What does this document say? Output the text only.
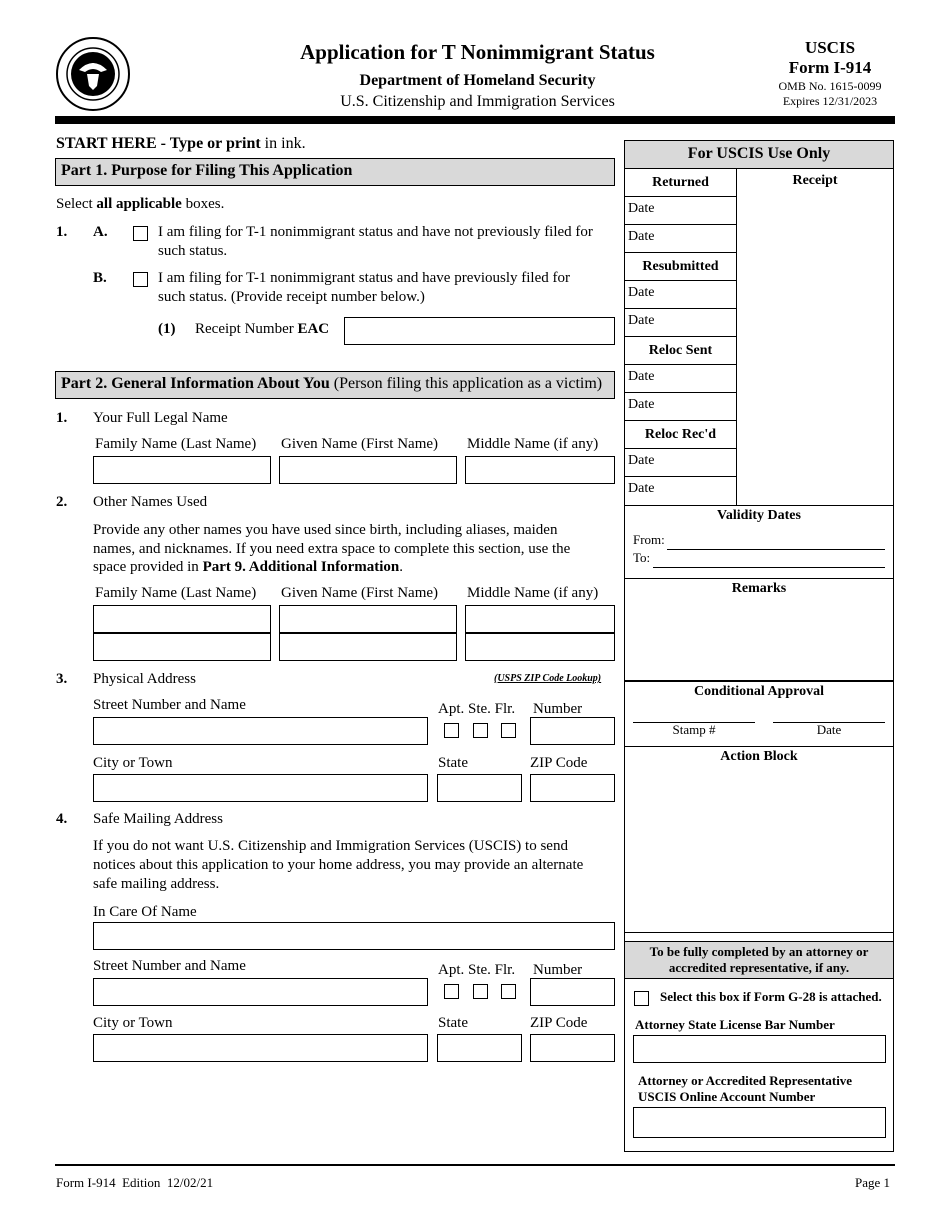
Application for T Nonimmigrant Status
Department of Homeland Security
U.S. Citizenship and Immigration Services
USCIS
Form I-914
OMB No. 1615-0099
Expires 12/31/2023
START HERE - Type or print in ink.
Part 1. Purpose for Filing This Application
Select all applicable boxes.
1. A.	I am filing for T-1 nonimmigrant status and have not previously filed for
such status.
B.	I am filing for T-1 nonimmigrant status and have previously filed for
such status. (Provide receipt number below.)
(1) Receipt Number EAC
Part 2. General Information About You (Person filing this application as a victim)
1. Your Full Legal Name
Family Name (Last Name) Given Name (First Name) Middle Name (if any)
2. Other Names Used
Provide any other names you have used since birth, including aliases, maiden
names, and nicknames. If you need extra space to complete this section, use the
space provided in Part 9. Additional Information.
Family Name (Last Name) Given Name (First Name) Middle Name (if any)
3. Physical Address	(USPS ZIP Code Lookup)
Street Number and Name	Apt. Ste. Flr. Number
City or Town	State	ZIP Code
4. Safe Mailing Address
If you do not want U.S. Citizenship and Immigration Services (USCIS) to send
notices about this application to your home address, you may provide an alternate
safe mailing address.
In Care Of Name
Street Number and Name	Apt. Ste. Flr. Number
City or Town	State	ZIP Code
For USCIS Use Only
Returned
Date
Date
Resubmitted
Date
Date
Reloc Sent
Date
Date
Reloc Rec'd
Date
Date
Receipt
Validity Dates
From:
To:
Remarks
Conditional Approval
Stamp #	Date
Action Block
To be fully completed by an attorney or
accredited representative, if any.
Select this box if Form G-28 is attached.
Attorney State License Bar Number
Attorney or Accredited Representative
USCIS Online Account Number
Form I-914 Edition 12/02/21	Page 1
